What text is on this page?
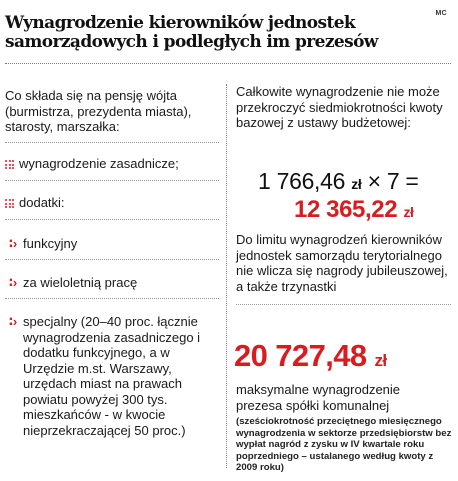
MC
Wynagrodzenie kierowników jednostek samorządowych i podległych im prezesów
Co składa się na pensję wójta (burmistrza, prezydenta miasta), starosty, marszałka:
wynagrodzenie zasadnicze;
dodatki:
∶› funkcyjny
∶› za wieloletnią pracę
∶› specjalny (20–40 proc. łącznie wynagrodzenia zasadniczego i dodatku funkcyjnego, a w Urzędzie m.st. Warszawy, urzędach miast na prawach powiatu powyżej 300 tys. mieszkańców - w kwocie nieprzekraczającej 50 proc.)
Całkowite wynagrodzenie nie może przekroczyć siedmiokrotności kwoty bazowej z ustawy budżetowej:
1 766,46 zł × 7 =
12 365,22 zł
Do limitu wynagrodzeń kierowników jednostek samorządu terytorialnego nie wlicza się nagrody jubileuszowej, a także trzynastki
20 727,48 zł
maksymalne wynagrodzenie prezesa spółki komunalnej
(sześciokrotność przeciętnego miesięcznego wynagrodzenia w sektorze przedsiębiorstw bez wypłat nagród z zysku w IV kwartale roku poprzedniego – ustalanego według kwoty z 2009 roku)
